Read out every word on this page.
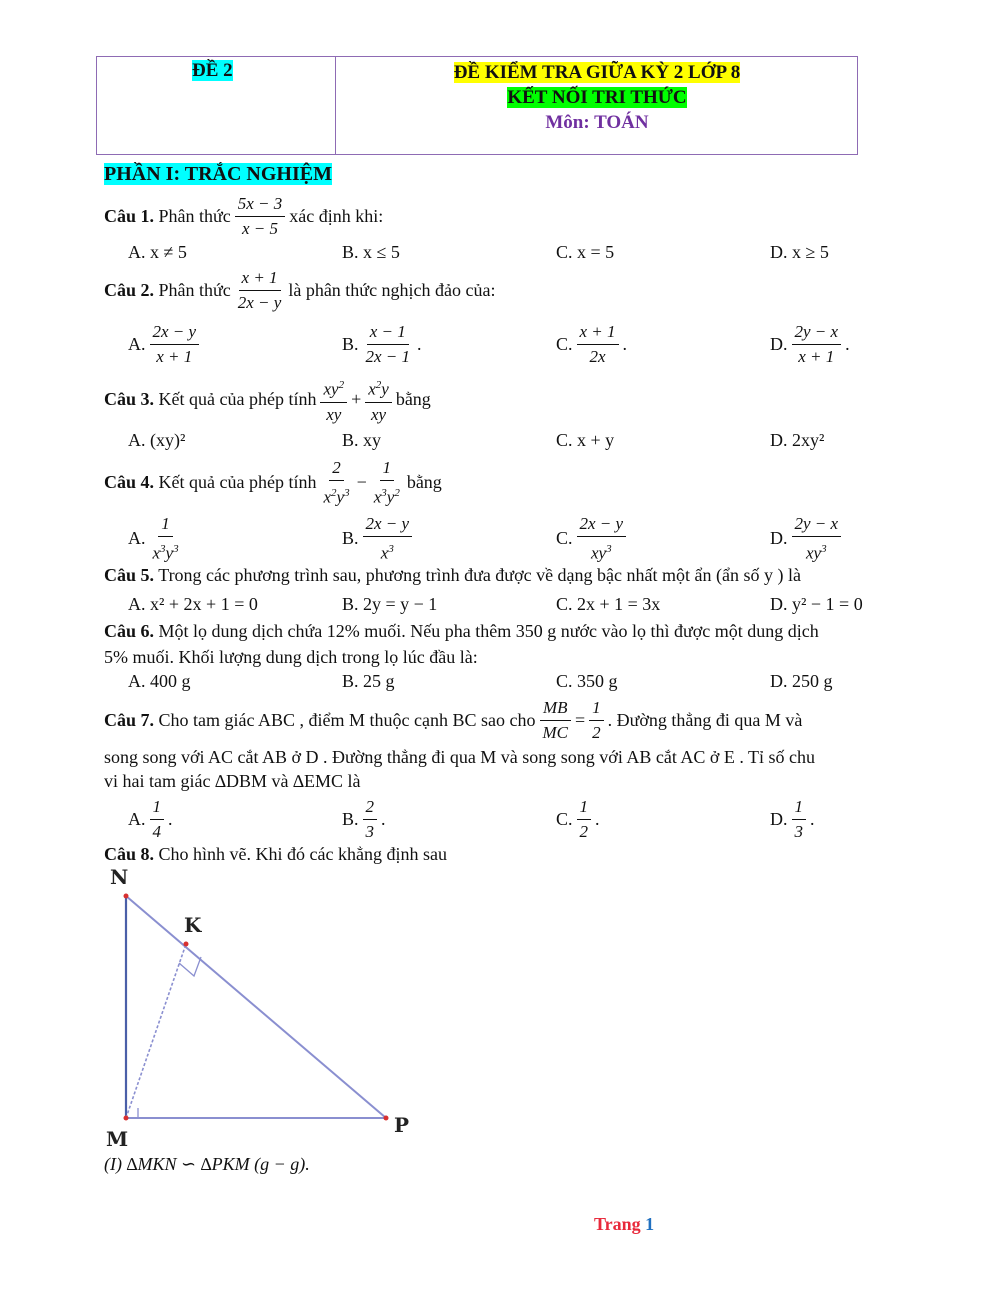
ĐỀ 2	ĐỀ KIỂM TRA GIỮA KỲ 2 LỚP 8
KẾT NỐI TRI THỨC
Môn: TOÁN
PHẦN I: TRẮC NGHIỆM
Câu 1.
Phân thức $\frac{5x - 3}{x - 5}$ xác định khi:
A. x ≠ 5	B. x ≤ 5	C. x = 5	D. x ≥ 5
Câu 2.
Phân thức $\frac{x + 1}{2x - y}$ là phân thức nghịch đảo của:
A. $\frac{2x - y}{x + 1}$	B. $\frac{x - 1}{2x - 1}$ .	C. $\frac{x + 1}{2x}$ .	D. $\frac{2y - x}{x + 1}$ .
Câu 3.
Kết quả của phép tính $\frac{xy^2}{xy} + \frac{x^2y}{xy}$ bằng
A. (xy)²	B. xy	C. x + y	D. 2xy²
Câu 4.
Kết quả của phép tính $\frac{2}{x^2y^3} - \frac{1}{x^3y^2}$ bằng
A. $\frac{1}{x^3y^3}$	B. $\frac{2x - y}{x^3}$	C. $\frac{2x - y}{xy^3}$	D. $\frac{2y - x}{xy^3}$
Câu 5. Trong các phương trình sau, phương trình đưa được về dạng bậc nhất một ẩn (ẩn số y ) là
A. x² + 2x + 1 = 0	B. 2y = y − 1	C. 2x + 1 = 3x	D. y² − 1 = 0
Câu 6. Một lọ dung dịch chứa 12% muối. Nếu pha thêm 350 g nước vào lọ thì được một dung dịch
5% muối. Khối lượng dung dịch trong lọ lúc đầu là:
A. 400 g	B. 25 g	C. 350 g	D. 250 g
Câu 7.
Cho tam giác ABC , điểm M thuộc cạnh BC sao cho $\frac{MB}{MC} = \frac{1}{2}$ . Đường thẳng đi qua M và
song song với AC cắt AB ở D . Đường thẳng đi qua M và song song với AB cắt AC ở E . Tỉ số chu
vi hai tam giác ∆DBM và ∆EMC là
A. $\frac{1}{4}$ .	B. $\frac{2}{3}$ .	C. $\frac{1}{2}$ .	D. $\frac{1}{3}$ .
Câu 8. Cho hình vẽ. Khi đó các khẳng định sau
N
K
M
P
(I) ∆MKN ∽ ∆PKM (g − g).
Trang 1
